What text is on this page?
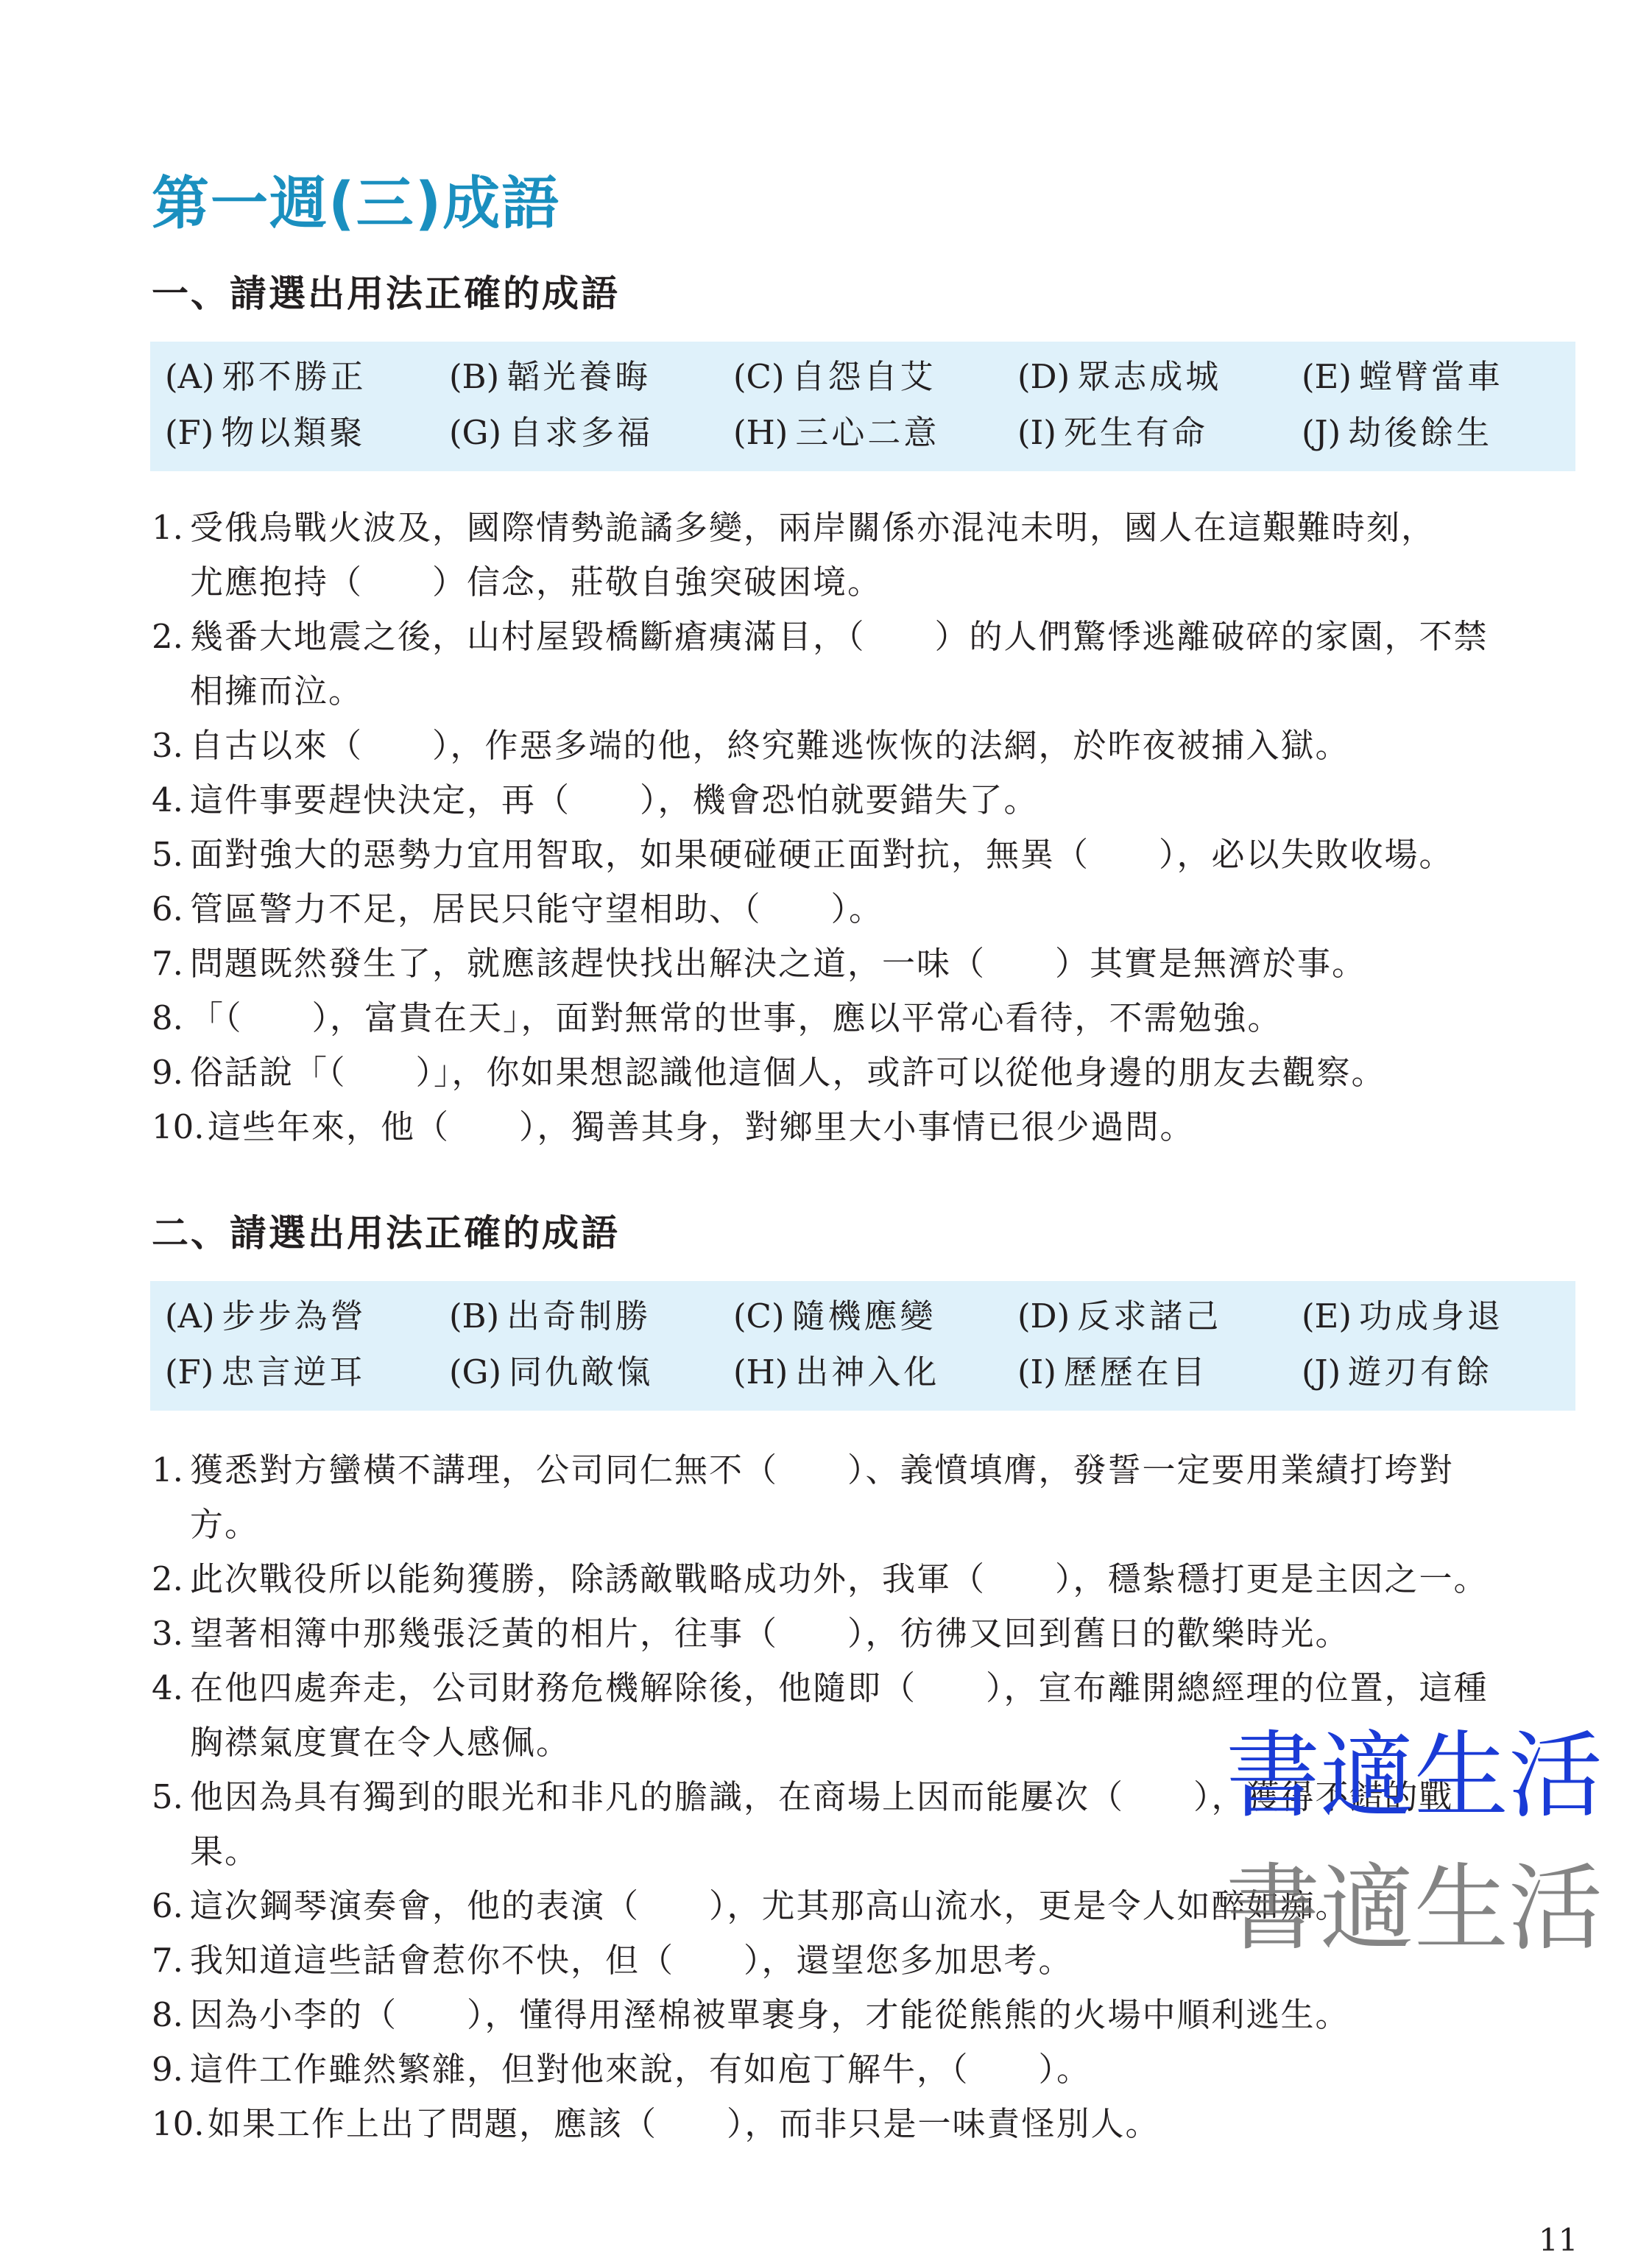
第一週(三)成語
一、請選出用法正確的成語
(A) 邪不勝正	(B) 韜光養晦	(C) 自怨自艾	(D) 眾志成城	(E) 螳臂當車
(F) 物以類聚	(G) 自求多福	(H) 三心二意	(I) 死生有命	(J) 劫後餘生
1. 受俄烏戰火波及，國際情勢詭譎多變，兩岸關係亦混沌未明，國人在這艱難時刻，
尤應抱持（　　）信念，莊敬自強突破困境。
2. 幾番大地震之後，山村屋毀橋斷瘡痍滿目，（　　）的人們驚悸逃離破碎的家園，不禁
相擁而泣。
3. 自古以來（　　），作惡多端的他，終究難逃恢恢的法網，於昨夜被捕入獄。
4. 這件事要趕快決定，再（　　），機會恐怕就要錯失了。
5. 面對強大的惡勢力宜用智取，如果硬碰硬正面對抗，無異（　　），必以失敗收場。
6. 管區警力不足，居民只能守望相助、（　　）。
7. 問題既然發生了，就應該趕快找出解決之道，一味（　　）其實是無濟於事。
8. 「（　　），富貴在天」，面對無常的世事，應以平常心看待，不需勉強。
9. 俗話說「（　　）」，你如果想認識他這個人，或許可以從他身邊的朋友去觀察。
10. 這些年來，他（　　），獨善其身，對鄉里大小事情已很少過問。
二、請選出用法正確的成語
(A) 步步為營	(B) 出奇制勝	(C) 隨機應變	(D) 反求諸己	(E) 功成身退
(F) 忠言逆耳	(G) 同仇敵愾	(H) 出神入化	(I) 歷歷在目	(J) 遊刃有餘
1. 獲悉對方蠻橫不講理，公司同仁無不（　　）、義憤填膺，發誓一定要用業績打垮對
方。
2. 此次戰役所以能夠獲勝，除誘敵戰略成功外，我軍（　　），穩紮穩打更是主因之一。
3. 望著相簿中那幾張泛黃的相片，往事（　　），彷彿又回到舊日的歡樂時光。
4. 在他四處奔走，公司財務危機解除後，他隨即（　　），宣布離開總經理的位置，這種
胸襟氣度實在令人感佩。
5. 他因為具有獨到的眼光和非凡的膽識，在商場上因而能屢次（　　），獲得不錯的戰
果。
6. 這次鋼琴演奏會，他的表演（　　），尤其那高山流水，更是令人如醉如痴。
7. 我知道這些話會惹你不快，但（　　），還望您多加思考。
8. 因為小李的（　　），懂得用溼棉被單裹身，才能從熊熊的火場中順利逃生。
9. 這件工作雖然繁雜，但對他來說，有如庖丁解牛，（　　）。
10. 如果工作上出了問題，應該（　　），而非只是一味責怪別人。
書適生活
書適生活
11
